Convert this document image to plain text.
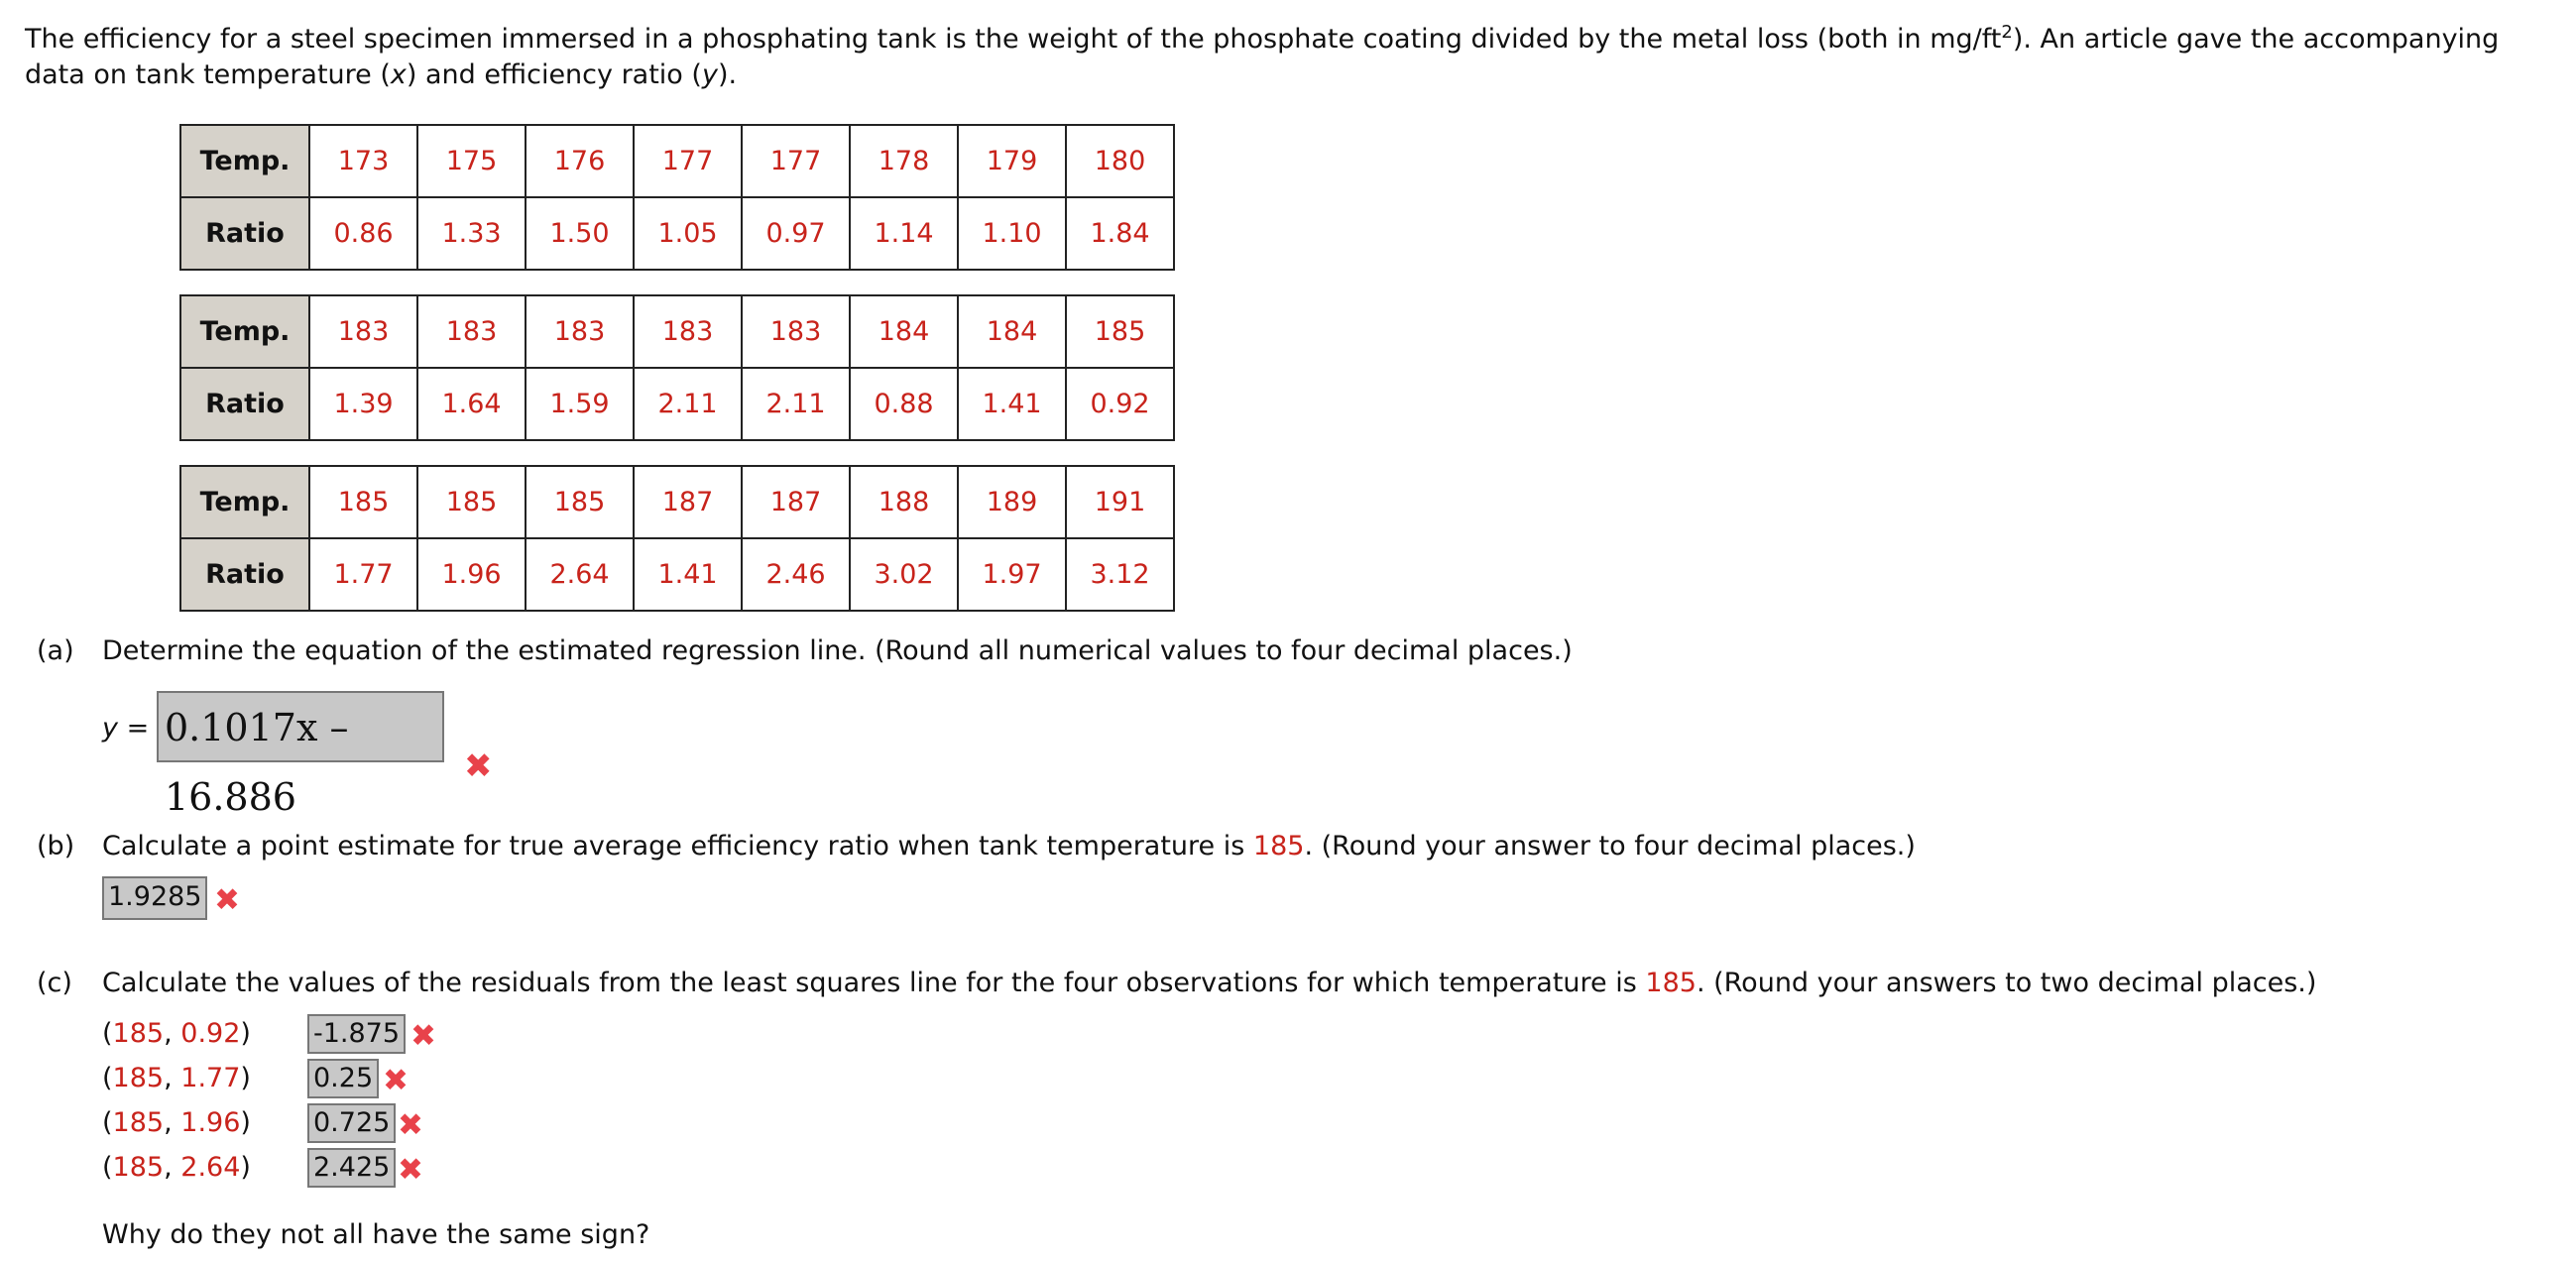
The efficiency for a steel specimen immersed in a phosphating tank is the weight of the phosphate coating divided by the metal loss (both in $mg/ft^2$). An article gave the accompanying data on tank temperature (x) and efficiency ratio (y).
Temp.	173	175	176	177	177	178	179	180
Ratio	0.86	1.33	1.50	1.05	0.97	1.14	1.10	1.84
Temp.	183	183	183	183	183	184	184	185
Ratio	1.39	1.64	1.59	2.11	2.11	0.88	1.41	0.92
Temp.	185	185	185	187	187	188	189	191
Ratio	1.77	1.96	2.64	1.41	2.46	3.02	1.97	3.12
(a) Determine the equation of the estimated regression line. (Round all numerical values to four decimal places.)
y = 0.1017x – 16.886
✖
(b) Calculate a point estimate for true average efficiency ratio when tank temperature is 185. (Round your answer to four decimal places.)
1.9285 ✖
(c) Calculate the values of the residuals from the least squares line for the four observations for which temperature is 185. (Round your answers to two decimal places.)
(185, 0.92)	-1.875 ✖
(185, 1.77)	0.25 ✖
(185, 1.96)	0.725 ✖
(185, 2.64)	2.425 ✖
Why do they not all have the same sign?
